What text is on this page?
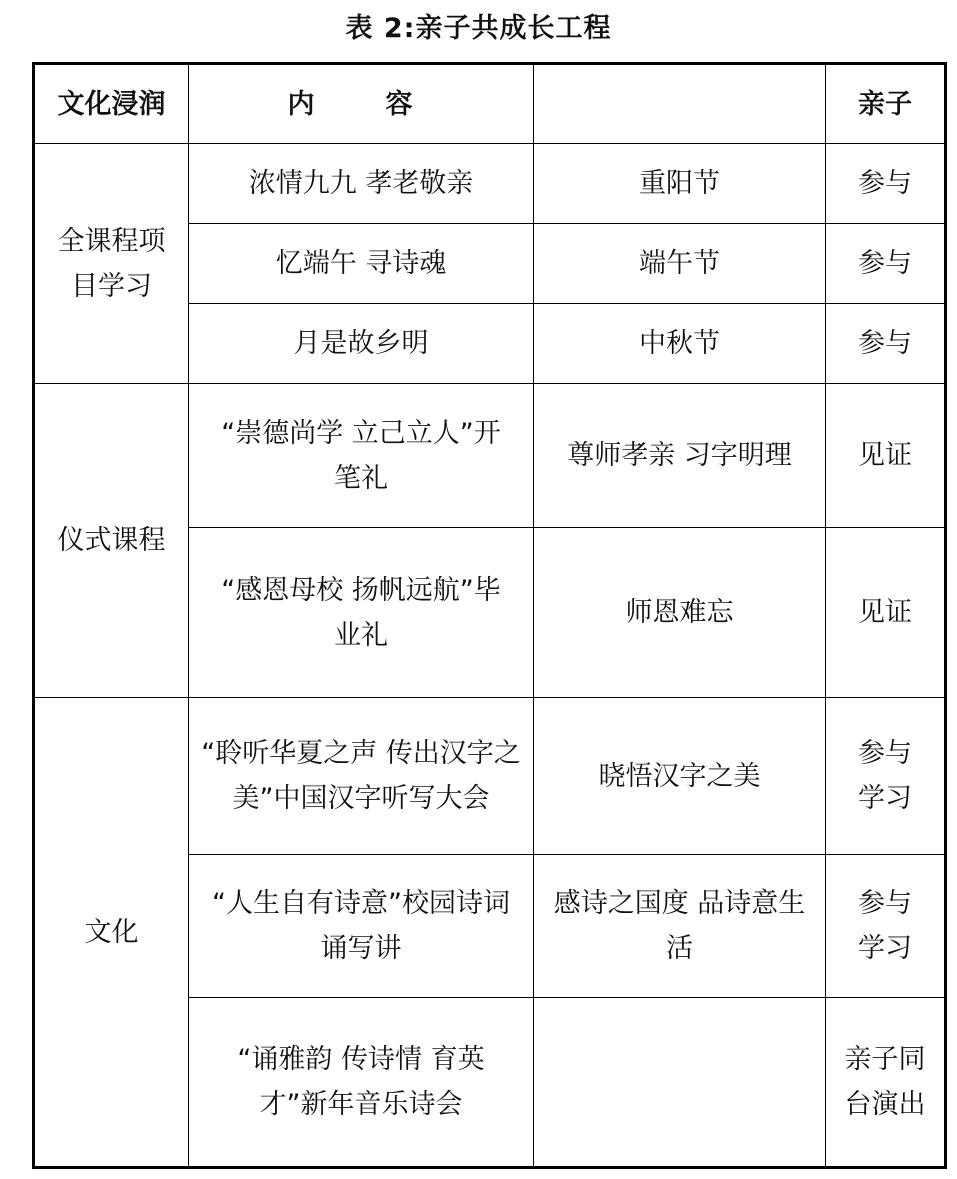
表 2:亲子共成长工程
文化浸润	内　容		亲子
全课程项目学习	浓情九九 孝老敬亲	重阳节	参与
	忆端午 寻诗魂	端午节	参与
	月是故乡明	中秋节	参与
仪式课程	“崇德尚学 立己立人”开笔礼	尊师孝亲 习字明理	见证
	“感恩母校 扬帆远航”毕业礼	师恩难忘	见证
文化	“聆听华夏之声 传出汉字之美”中国汉字听写大会	晓悟汉字之美	参与学习
	“人生自有诗意”校园诗词诵写讲	感诗之国度 品诗意生活	参与学习
	“诵雅韵 传诗情 育英才”新年音乐诗会		亲子同台演出
